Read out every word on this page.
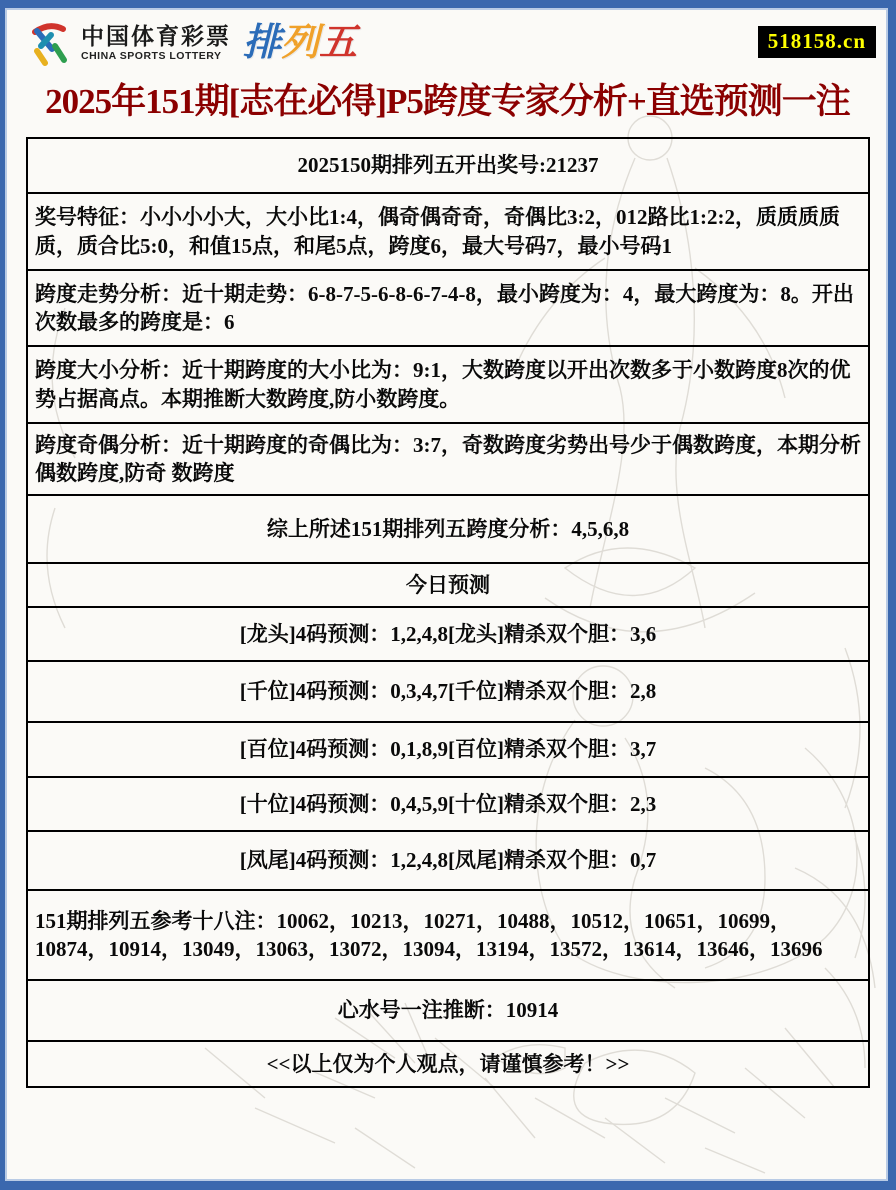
中国体育彩票
CHINA SPORTS LOTTERY 排 列 五	518158.cn
2025年151期[志在必得]P5跨度专家分析+直选预测一注
2025150期排列五开出奖号:21237
奖号特征：小小小小大，大小比1:4，偶奇偶奇奇，奇偶比3:2，012路比1:2:2，质质质质质，质合比5:0，和值15点，和尾5点，跨度6，最大号码7，最小号码1
跨度走势分析：近十期走势：6-8-7-5-6-8-6-7-4-8，最小跨度为：4，最大跨度为：8。开出次数最多的跨度是：6
跨度大小分析：近十期跨度的大小比为：9:1，大数跨度以开出次数多于小数跨度8次的优势占据高点。本期推断大数跨度,防小数跨度。
跨度奇偶分析：近十期跨度的奇偶比为：3:7，奇数跨度劣势出号少于偶数跨度，本期分析偶数跨度,防奇 数跨度
综上所述151期排列五跨度分析：4,5,6,8
今日预测
[龙头]4码预测：1,2,4,8[龙头]精杀双个胆：3,6
[千位]4码预测：0,3,4,7[千位]精杀双个胆：2,8
[百位]4码预测：0,1,8,9[百位]精杀双个胆：3,7
[十位]4码预测：0,4,5,9[十位]精杀双个胆：2,3
[凤尾]4码预测：1,2,4,8[凤尾]精杀双个胆：0,7
151期排列五参考十八注：10062，10213，10271，10488，10512，10651，10699，10874，10914，13049，13063，13072，13094，13194，13572，13614，13646，13696
心水号一注推断：10914
<<以上仅为个人观点，请谨慎参考！>>
